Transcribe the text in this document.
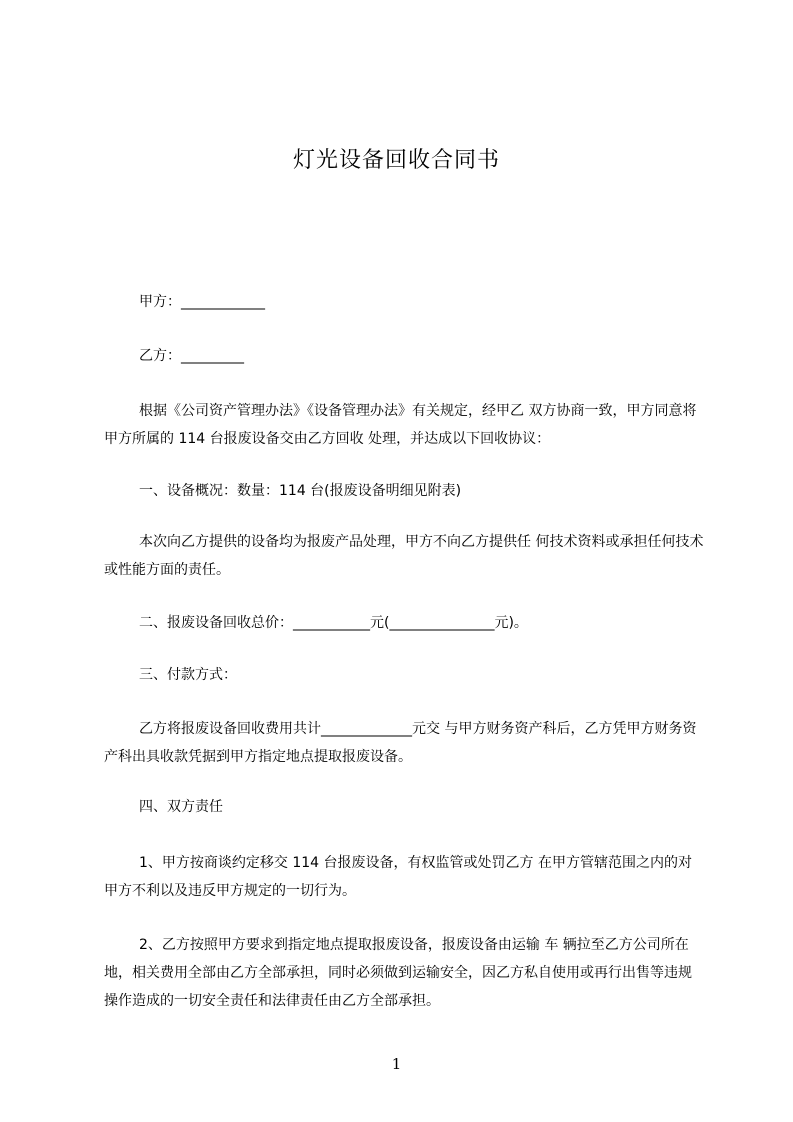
灯光设备回收合同书
甲方：____________
乙方：_________
根据《公司资产管理办法》《设备管理办法》有关规定，经甲乙 双方协商一致，甲方同意将甲方所属的 114 台报废设备交由乙方回收 处理，并达成以下回收协议：
一、设备概况：数量：114 台(报废设备明细见附表)
本次向乙方提供的设备均为报废产品处理，甲方不向乙方提供任 何技术资料或承担任何技术或性能方面的责任。
二、报废设备回收总价：___________元(_______________元)。
三、付款方式：
乙方将报废设备回收费用共计_____________元交 与甲方财务资产科后，乙方凭甲方财务资产科出具收款凭据到甲方指定地点提取报废设备。
四、双方责任
1、甲方按商谈约定移交 114 台报废设备，有权监管或处罚乙方 在甲方管辖范围之内的对甲方不利以及违反甲方规定的一切行为。
2、乙方按照甲方要求到指定地点提取报废设备，报废设备由运输 车 辆拉至乙方公司所在地，相关费用全部由乙方全部承担，同时必须做到运输安全，因乙方私自使用或再行出售等违规操作造成的一切安全责任和法律责任由乙方全部承担。
1
